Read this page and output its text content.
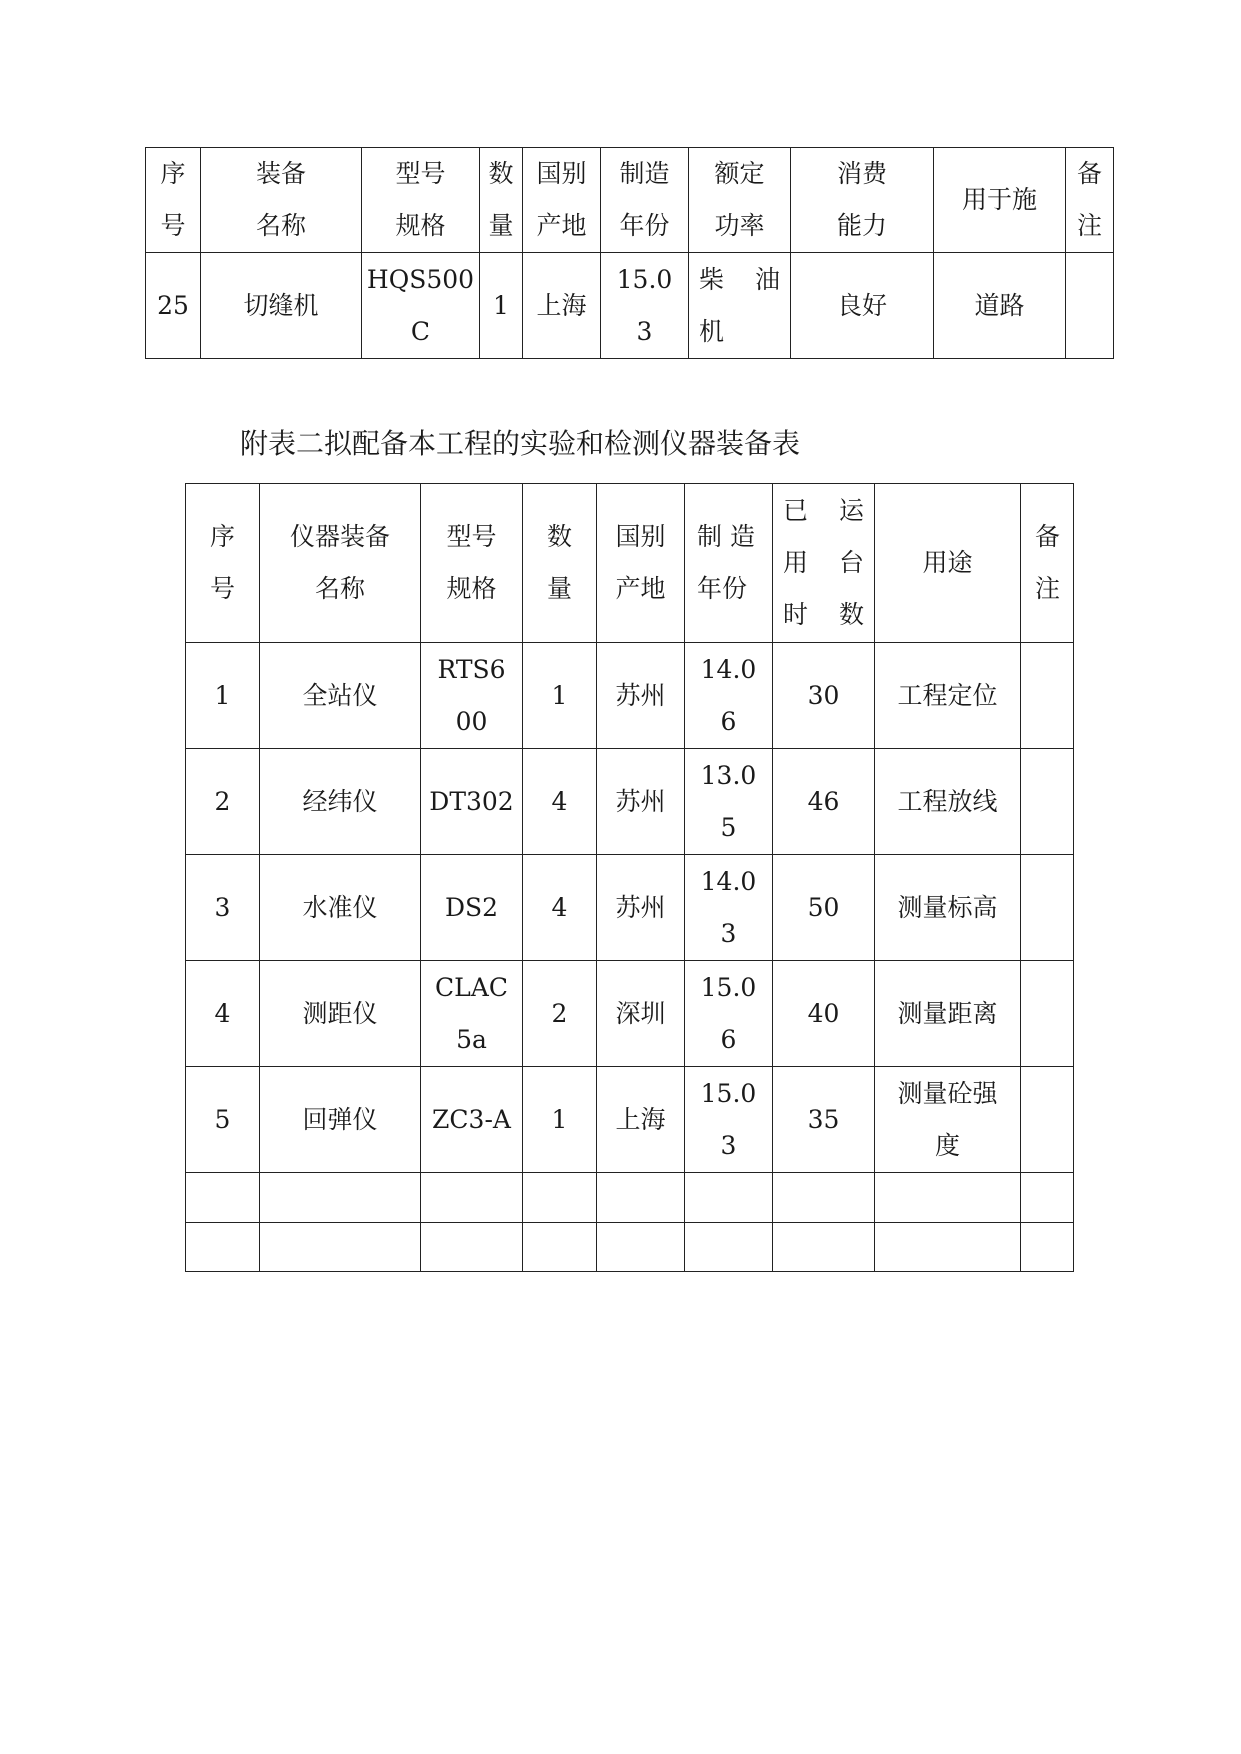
序号	装备名称	型号规格	数量	国别产地	制造年份	额定功率	消费能力	用于施	备注
25	切缝机	HQS500C	1	上海	15.03	柴 油机	良好	道路	
附表二拟配备本工程的实验和检测仪器装备表
序号	仪器装备名称	型号规格	数量	国别产地	制 造年份	已 运用 台时数	用途	备注
1	全站仪	RTS600	1	苏州	14.06	30	工程定位	
2	经纬仪	DT302	4	苏州	13.05	46	工程放线	
3	水准仪	DS2	4	苏州	14.03	50	测量标高	
4	测距仪	CLAC5a	2	深圳	15.06	40	测量距离	
5	回弹仪	ZC3-A	1	上海	15.03	35	测量砼强度	
